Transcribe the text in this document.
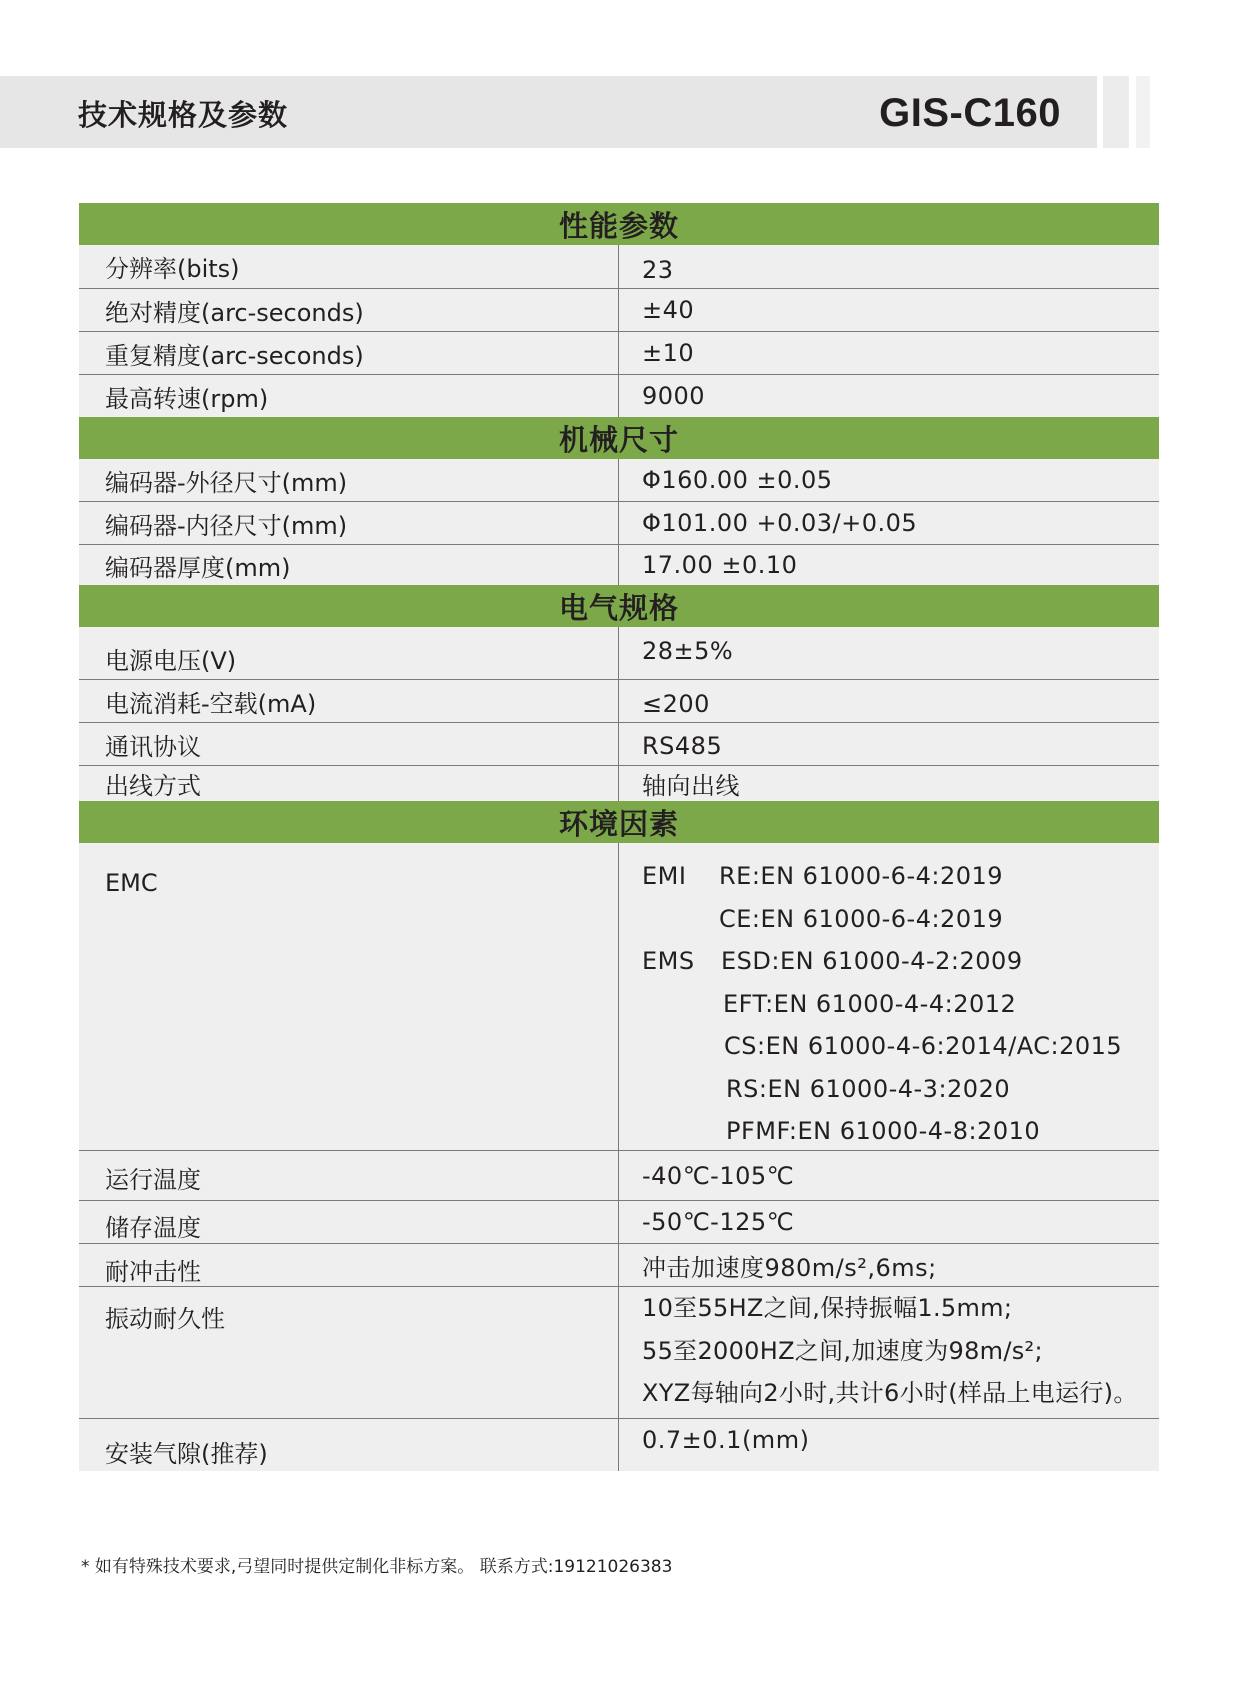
技术规格及参数	GIS-C160
性能参数
分辨率(bits)	23
绝对精度(arc-seconds)	±40
重复精度(arc-seconds)	±10
最高转速(rpm)	9000
机械尺寸
编码器-外径尺寸(mm)	Φ160.00 ±0.05
编码器-内径尺寸(mm)	Φ101.00 +0.03/+0.05
编码器厚度(mm)	17.00 ±0.10
电气规格
电源电压(V)	28±5%
电流消耗-空载(mA)	≤200
通讯协议	RS485
出线方式	轴向出线
环境因素
EMC	EMI	RE:EN 61000-6-4:2019
CE:EN 61000-6-4:2019
EMS	ESD:EN 61000-4-2:2009
EFT:EN 61000-4-4:2012
CS:EN 61000-4-6:2014/AC:2015
RS:EN 61000-4-3:2020
PFMF:EN 61000-4-8:2010
运行温度	-40℃-105℃
储存温度	-50℃-125℃
耐冲击性	冲击加速度980m/s²,6ms;
振动耐久性	10至55HZ之间,保持振幅1.5mm;
55至2000HZ之间,加速度为98m/s²;
XYZ每轴向2小时,共计6小时(样品上电运行)。
安装气隙(推荐)	0.7±0.1(mm)
* 如有特殊技术要求,弓望同时提供定制化非标方案。 联系方式:19121026383
